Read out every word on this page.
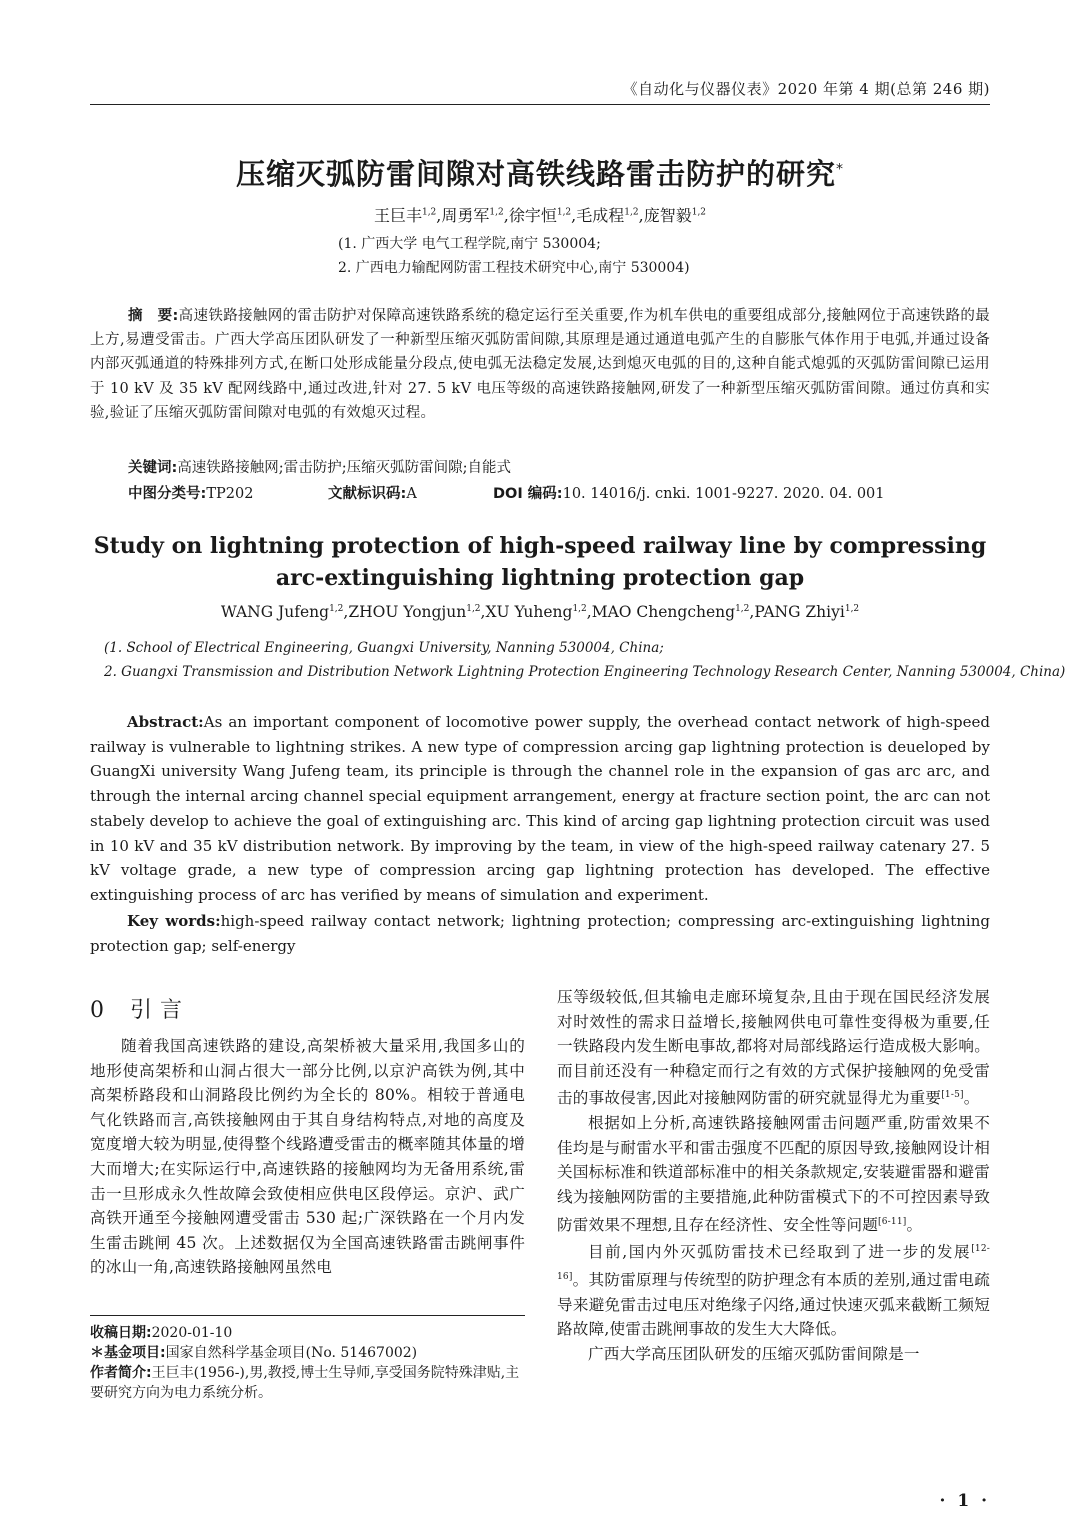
《自动化与仪器仪表》2020 年第 4 期(总第 246 期)
压缩灭弧防雷间隙对高铁线路雷击防护的研究*
王巨丰$^{1,2}$,周勇军$^{1,2}$,徐宇恒$^{1,2}$,毛成程$^{1,2}$,庞智毅$^{1,2}$
(1. 广西大学 电气工程学院,南宁 530004;
2. 广西电力输配网防雷工程技术研究中心,南宁 530004)
摘　要:高速铁路接触网的雷击防护对保障高速铁路系统的稳定运行至关重要,作为机车供电的重要组成部分,接触网位于高速铁路的最上方,易遭受雷击。广西大学高压团队研发了一种新型压缩灭弧防雷间隙,其原理是通过通道电弧产生的自膨胀气体作用于电弧,并通过设备内部灭弧通道的特殊排列方式,在断口处形成能量分段点,使电弧无法稳定发展,达到熄灭电弧的目的,这种自能式熄弧的灭弧防雷间隙已运用于 10 kV 及 35 kV 配网线路中,通过改进,针对 27. 5 kV 电压等级的高速铁路接触网,研发了一种新型压缩灭弧防雷间隙。通过仿真和实验,验证了压缩灭弧防雷间隙对电弧的有效熄灭过程。
关键词:高速铁路接触网;雷击防护;压缩灭弧防雷间隙;自能式
中图分类号:TP202	文献标识码:A	DOI 编码:10. 14016/j. cnki. 1001-9227. 2020. 04. 001
Study on lightning protection of high-speed railway line by compressing
arc-extinguishing lightning protection gap
WANG Jufeng$^{1,2}$,ZHOU Yongjun$^{1,2}$,XU Yuheng$^{1,2}$,MAO Chengcheng$^{1,2}$,PANG Zhiyi$^{1,2}$
(1. School of Electrical Engineering, Guangxi University, Nanning 530004, China;
2. Guangxi Transmission and Distribution Network Lightning Protection Engineering Technology Research Center, Nanning 530004, China)
Abstract:As an important component of locomotive power supply, the overhead contact network of high-speed railway is vulnerable to lightning strikes. A new type of compression arcing gap lightning protection is deueloped by GuangXi university Wang Jufeng team, its principle is through the channel role in the expansion of gas arc arc, and through the internal arcing channel special equipment arrangement, energy at fracture section point, the arc can not stabely develop to achieve the goal of extinguishing arc. This kind of arcing gap lightning protection circuit was used in 10 kV and 35 kV distribution network. By improving by the team, in view of the high-speed railway catenary 27. 5 kV voltage grade, a new type of compression arcing gap lightning protection has developed. The effective extinguishing process of arc has verified by means of simulation and experiment.
Key words:high-speed railway contact network; lightning protection; compressing arc-extinguishing lightning protection gap; self-energy
0 引言

随着我国高速铁路的建设,高架桥被大量采用,我国多山的地形使高架桥和山洞占很大一部分比例,以京沪高铁为例,其中高架桥路段和山洞路段比例约为全长的 80%。相较于普通电气化铁路而言,高铁接触网由于其自身结构特点,对地的高度及宽度增大较为明显,使得整个线路遭受雷击的概率随其体量的增大而增大;在实际运行中,高速铁路的接触网均为无备用系统,雷击一旦形成永久性故障会致使相应供电区段停运。京沪、武广高铁开通至今接触网遭受雷击 530 起;广深铁路在一个月内发生雷击跳闸 45 次。上述数据仅为全国高速铁路雷击跳闸事件的冰山一角,高速铁路接触网虽然电

压等级较低,但其输电走廊环境复杂,且由于现在国民经济发展对时效性的需求日益增长,接触网供电可靠性变得极为重要,任一铁路段内发生断电事故,都将对局部线路运行造成极大影响。而目前还没有一种稳定而行之有效的方式保护接触网的免受雷击的事故侵害,因此对接触网防雷的研究就显得尤为重要[1-5]。

根据如上分析,高速铁路接触网雷击问题严重,防雷效果不佳均是与耐雷水平和雷击强度不匹配的原因导致,接触网设计相关国标标准和铁道部标准中的相关条款规定,安装避雷器和避雷线为接触网防雷的主要措施,此种防雷模式下的不可控因素导致防雷效果不理想,且存在经济性、安全性等问题[6-11]。

目前,国内外灭弧防雷技术已经取到了进一步的发展[12-16]。其防雷原理与传统型的防护理念有本质的差别,通过雷电疏导来避免雷击过电压对绝缘子闪络,通过快速灭弧来截断工频短路故障,使雷击跳闸事故的发生大大降低。

广西大学高压团队研发的压缩灭弧防雷间隙是一

收稿日期:2020-01-10

＊基金项目:国家自然科学基金项目(No. 51467002)

作者简介:王巨丰(1956-),男,教授,博士生导师,享受国务院特殊津贴,主要研究方向为电力系统分析。

· 1 ·
